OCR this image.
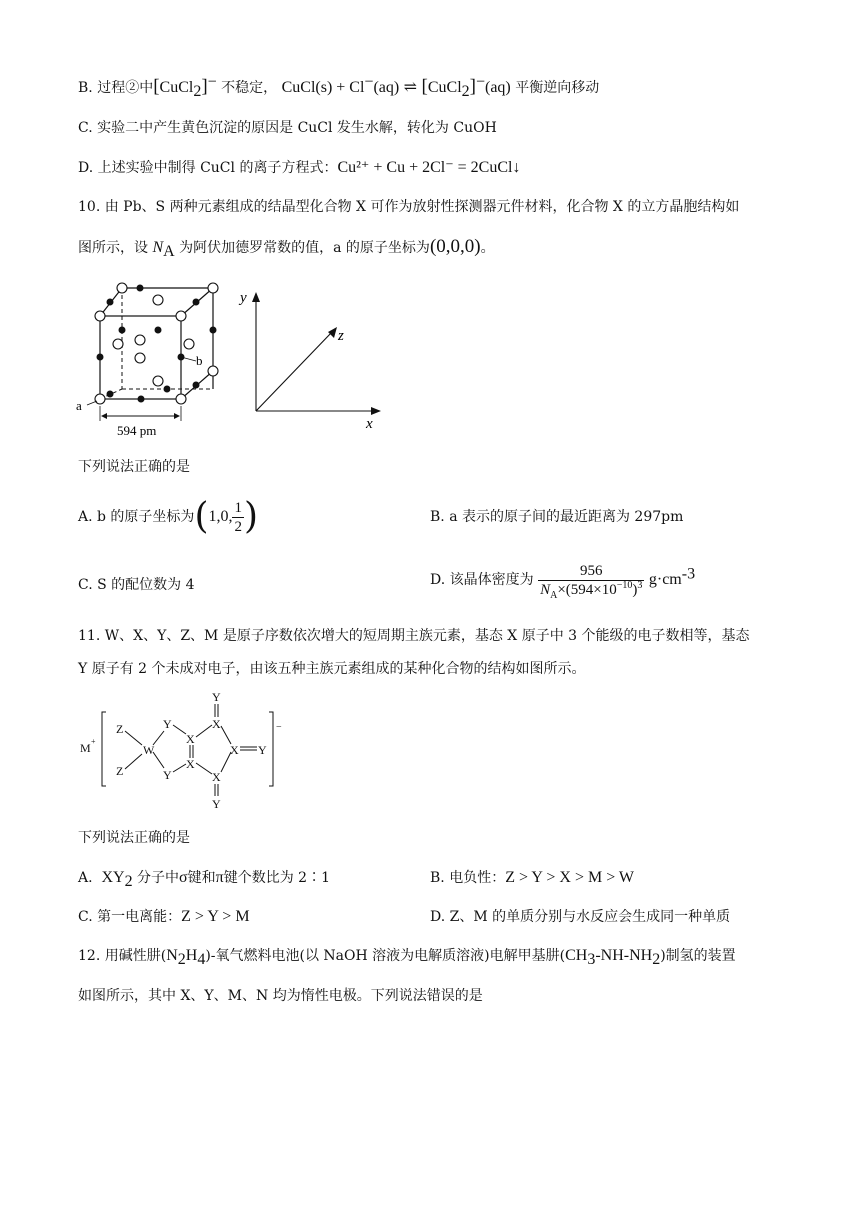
B. 过程②中[CuCl$_2$]− 不稳定， CuCl(s) + Cl−(aq) ⇌ [CuCl$_2$]−(aq) 平衡逆向移动
C. 实验二中产生黄色沉淀的原因是 CuCl 发生水解，转化为 CuOH
D. 上述实验中制得 CuCl 的离子方程式：Cu²⁺ + Cu + 2Cl⁻ = 2CuCl↓
10. 由 Pb、S 两种元素组成的结晶型化合物 X 可作为放射性探测器元件材料，化合物 X 的立方晶胞结构如
图所示，设 $N_A$ 为阿伏加德罗常数的值，a 的原子坐标为(0,0,0)。
b
a
594 pm
y
z
x
下列说法正确的是
A. b 的原子坐标为(1,0, $\frac{1}{2}$ )	B. a 表示的原子间的最近距离为 297pm
C. S 的配位数为 4	D. 该晶体密度为 $\frac{956}{N_A\times(594\times 10^{-10})^3} g\cdot cm^{-3}$
11. W、X、Y、Z、M 是原子序数依次增大的短周期主族元素，基态 X 原子中 3 个能级的电子数相等，基态
Y 原子有 2 个未成对电子，由该五种主族元素组成的某种化合物的结构如图所示。
M +
Z
Z
W
Y
Y
X
X
X
X
X Y
Y
Y
−
下列说法正确的是
A. $XY_2$ 分子中σ键和π键个数比为 2∶1	B. 电负性：Z > Y > X > M > W
C. 第一电离能：Z > Y > M	D. Z、M 的单质分别与水反应会生成同一种单质
12. 用碱性肼$(N_2H_4)-$氧气燃料电池(以 NaOH 溶液为电解质溶液)电解甲基肼$(CH_3-NH-NH_2)$制氢的装置
如图所示，其中 X、Y、M、N 均为惰性电极。下列说法错误的是
